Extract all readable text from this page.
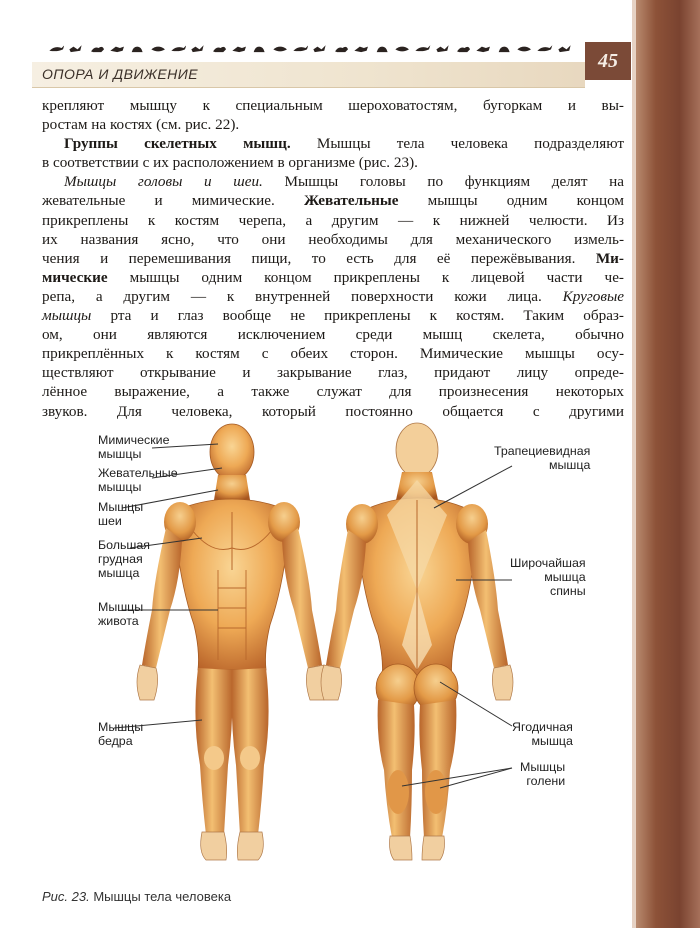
ОПОРА И ДВИЖЕНИЕ
45
крепляют мышцу к специальным шероховатостям, бугоркам и вы-
ростам на костях (см. рис. 22).
Группы скелетных мышц. Мышцы тела человека подразделяют
в соответствии с их расположением в организме (рис. 23).
Мышцы головы и шеи. Мышцы головы по функциям делят на
жевательные и мимические. Жевательные мышцы одним концом
прикреплены к костям черепа, а другим — к нижней челюсти. Из
их названия ясно, что они необходимы для механического измель-
чения и перемешивания пищи, то есть для её пережёвывания. Ми-
мические мышцы одним концом прикреплены к лицевой части че-
репа, а другим — к внутренней поверхности кожи лица. Круговые
мышцы рта и глаз вообще не прикреплены к костям. Таким образ-
ом, они являются исключением среди мышц скелета, обычно
прикреплённых к костям с обеих сторон. Мимические мышцы осу-
ществляют открывание и закрывание глаз, придают лицу опреде-
лённое выражение, а также служат для произнесения некоторых
звуков. Для человека, который постоянно общается с другими
Мимические
мышцы
Жевательные
мышцы
Мышцы
шеи
Большая
грудная
мышца
Мышцы
живота
Мышцы
бедра
Трапециевидная
мышца
Широчайшая
мышца
спины
Ягодичная
мышца
Мышцы
голени
Рис. 23. Мышцы тела человека
